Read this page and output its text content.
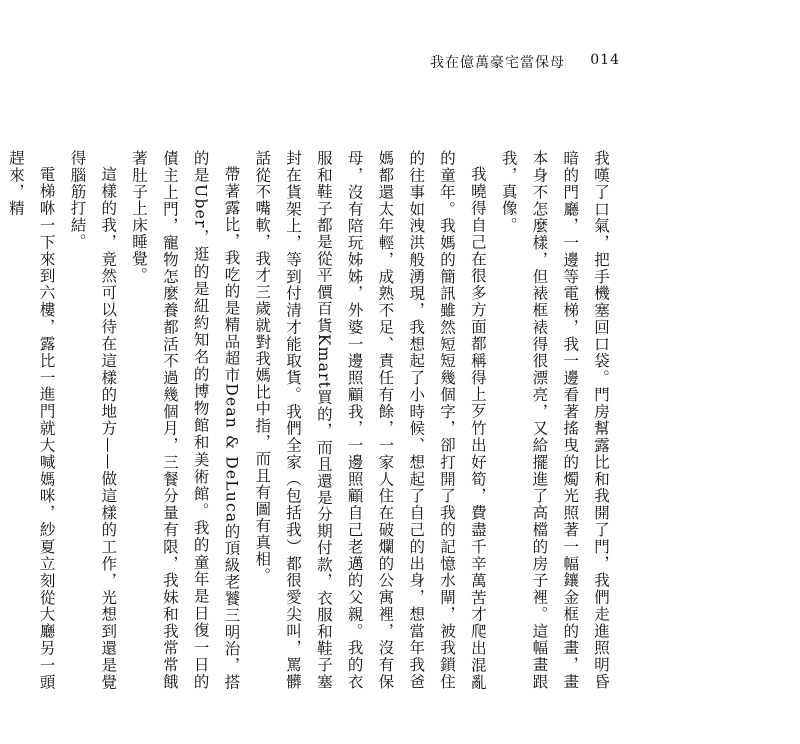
我在億萬豪宅當保母 014

我嘆了口氣，把手機塞回口袋。門房幫露比和我開了門，我們走進照明昏暗的門廳，一邊等電梯，我一邊看著搖曳的燭光照著一幅鑲金框的畫，畫本身不怎麼樣，但裱框裱得很漂亮，又給擺進了高檔的房子裡。這幅畫跟我，真像。

我曉得自己在很多方面都稱得上歹竹出好筍，費盡千辛萬苦才爬出混亂的童年。我媽的簡訊雖然短短幾個字，卻打開了我的記憶水閘，被我鎖住的往事如洩洪般湧現，我想起了小時候、想起了自己的出身，想當年我爸媽都還太年輕，成熟不足、責任有餘，一家人住在破爛的公寓裡，沒有保母，沒有陪玩姊姊，外婆一邊照顧我，一邊照顧自己老邁的父親。我的衣服和鞋子都是從平價百貨Kmart買的，而且還是分期付款，衣服和鞋子塞封在貨架上，等到付清才能取貨。我們全家（包括我）都很愛尖叫，罵髒話從不嘴軟，我才三歲就對我媽比中指，而且有圖有真相。

帶著露比，我吃的是精品超市Dean & DeLuca的頂級老饕三明治，搭的是Uber，逛的是紐約知名的博物館和美術館。我的童年是日復一日的債主上門，寵物怎麼養都活不過幾個月，三餐分量有限，我妹和我常常餓著肚子上床睡覺。

這樣的我，竟然可以待在這樣的地方——做這樣的工作，光想到還是覺得腦筋打結。

電梯咻一下來到六樓，露比一進門就大喊媽咪，紗夏立刻從大廳另一頭趕來，精
